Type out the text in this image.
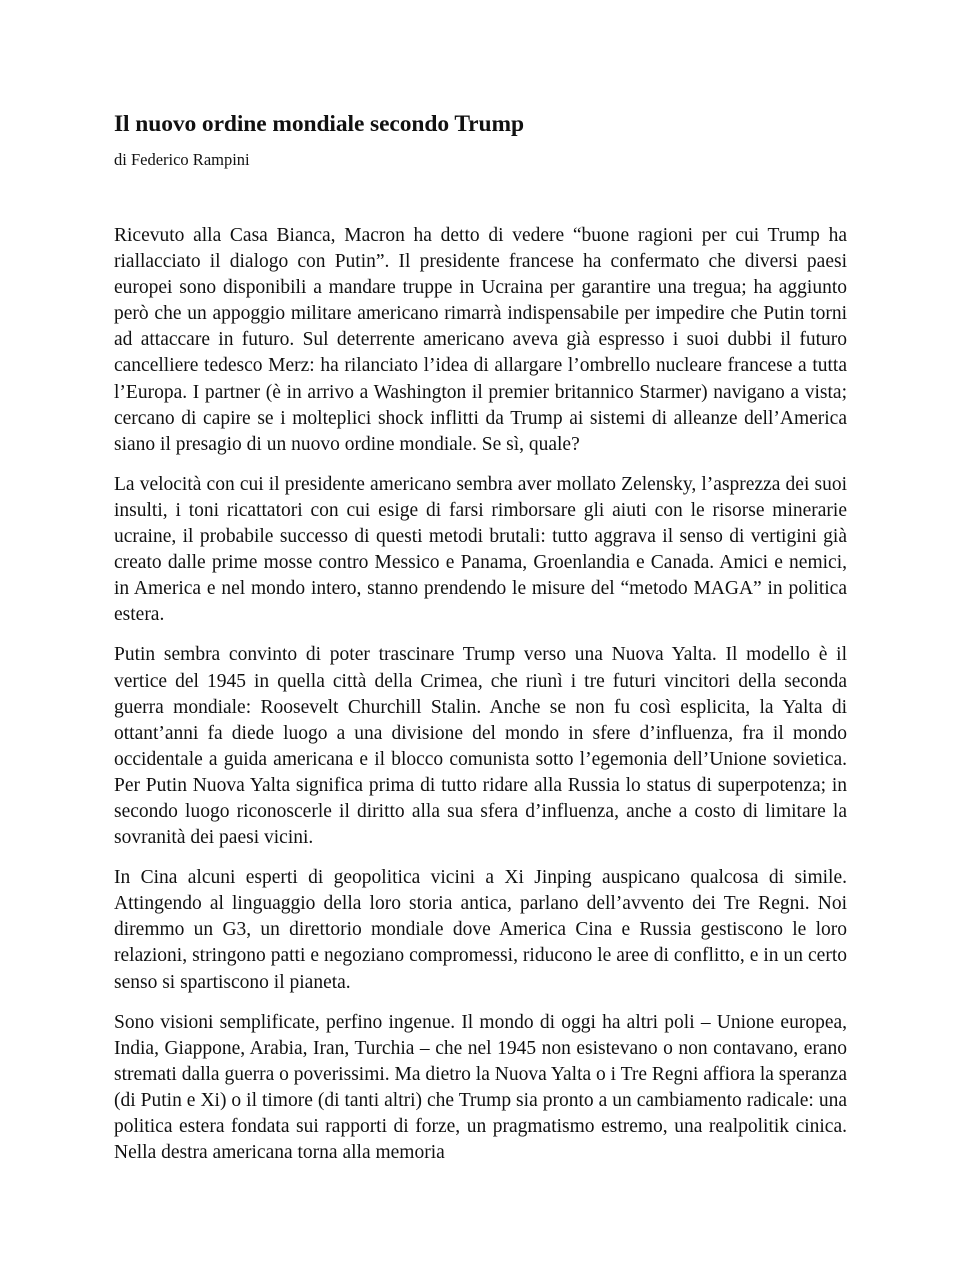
Il nuovo ordine mondiale secondo Trump

di Federico Rampini

Ricevuto alla Casa Bianca, Macron ha detto di vedere “buone ragioni per cui Trump ha riallacciato il dialogo con Putin”. Il presidente francese ha confermato che diversi paesi europei sono disponibili a mandare truppe in Ucraina per garantire una tregua; ha aggiunto però che un appoggio militare americano rimarrà indispensabile per impedire che Putin torni ad attaccare in futuro. Sul deterrente americano aveva già espresso i suoi dubbi il futuro cancelliere tedesco Merz: ha rilanciato l’idea di allargare l’ombrello nucleare francese a tutta l’Europa. I partner (è in arrivo a Washington il premier britannico Starmer) navigano a vista; cercano di capire se i molteplici shock inflitti da Trump ai sistemi di alleanze dell’America siano il presagio di un nuovo ordine mondiale. Se sì, quale?

La velocità con cui il presidente americano sembra aver mollato Zelensky, l’asprezza dei suoi insulti, i toni ricattatori con cui esige di farsi rimborsare gli aiuti con le risorse minerarie ucraine, il probabile successo di questi metodi brutali: tutto aggrava il senso di vertigini già creato dalle prime mosse contro Messico e Panama, Groenlandia e Canada. Amici e nemici, in America e nel mondo intero, stanno prendendo le misure del “metodo MAGA” in politica estera.

Putin sembra convinto di poter trascinare Trump verso una Nuova Yalta. Il modello è il vertice del 1945 in quella città della Crimea, che riunì i tre futuri vincitori della seconda guerra mondiale: Roosevelt Churchill Stalin. Anche se non fu così esplicita, la Yalta di ottant’anni fa diede luogo a una divisione del mondo in sfere d’influenza, fra il mondo occidentale a guida americana e il blocco comunista sotto l’egemonia dell’Unione sovietica. Per Putin Nuova Yalta significa prima di tutto ridare alla Russia lo status di superpotenza; in secondo luogo riconoscerle il diritto alla sua sfera d’influenza, anche a costo di limitare la sovranità dei paesi vicini.

In Cina alcuni esperti di geopolitica vicini a Xi Jinping auspicano qualcosa di simile. Attingendo al linguaggio della loro storia antica, parlano dell’avvento dei Tre Regni. Noi diremmo un G3, un direttorio mondiale dove America Cina e Russia gestiscono le loro relazioni, stringono patti e negoziano compromessi, riducono le aree di conflitto, e in un certo senso si spartiscono il pianeta.

Sono visioni semplificate, perfino ingenue. Il mondo di oggi ha altri poli – Unione europea, India, Giappone, Arabia, Iran, Turchia – che nel 1945 non esistevano o non contavano, erano stremati dalla guerra o poverissimi. Ma dietro la Nuova Yalta o i Tre Regni affiora la speranza (di Putin e Xi) o il timore (di tanti altri) che Trump sia pronto a un cambiamento radicale: una politica estera fondata sui rapporti di forze, un pragmatismo estremo, una realpolitik cinica. Nella destra americana torna alla memoria
